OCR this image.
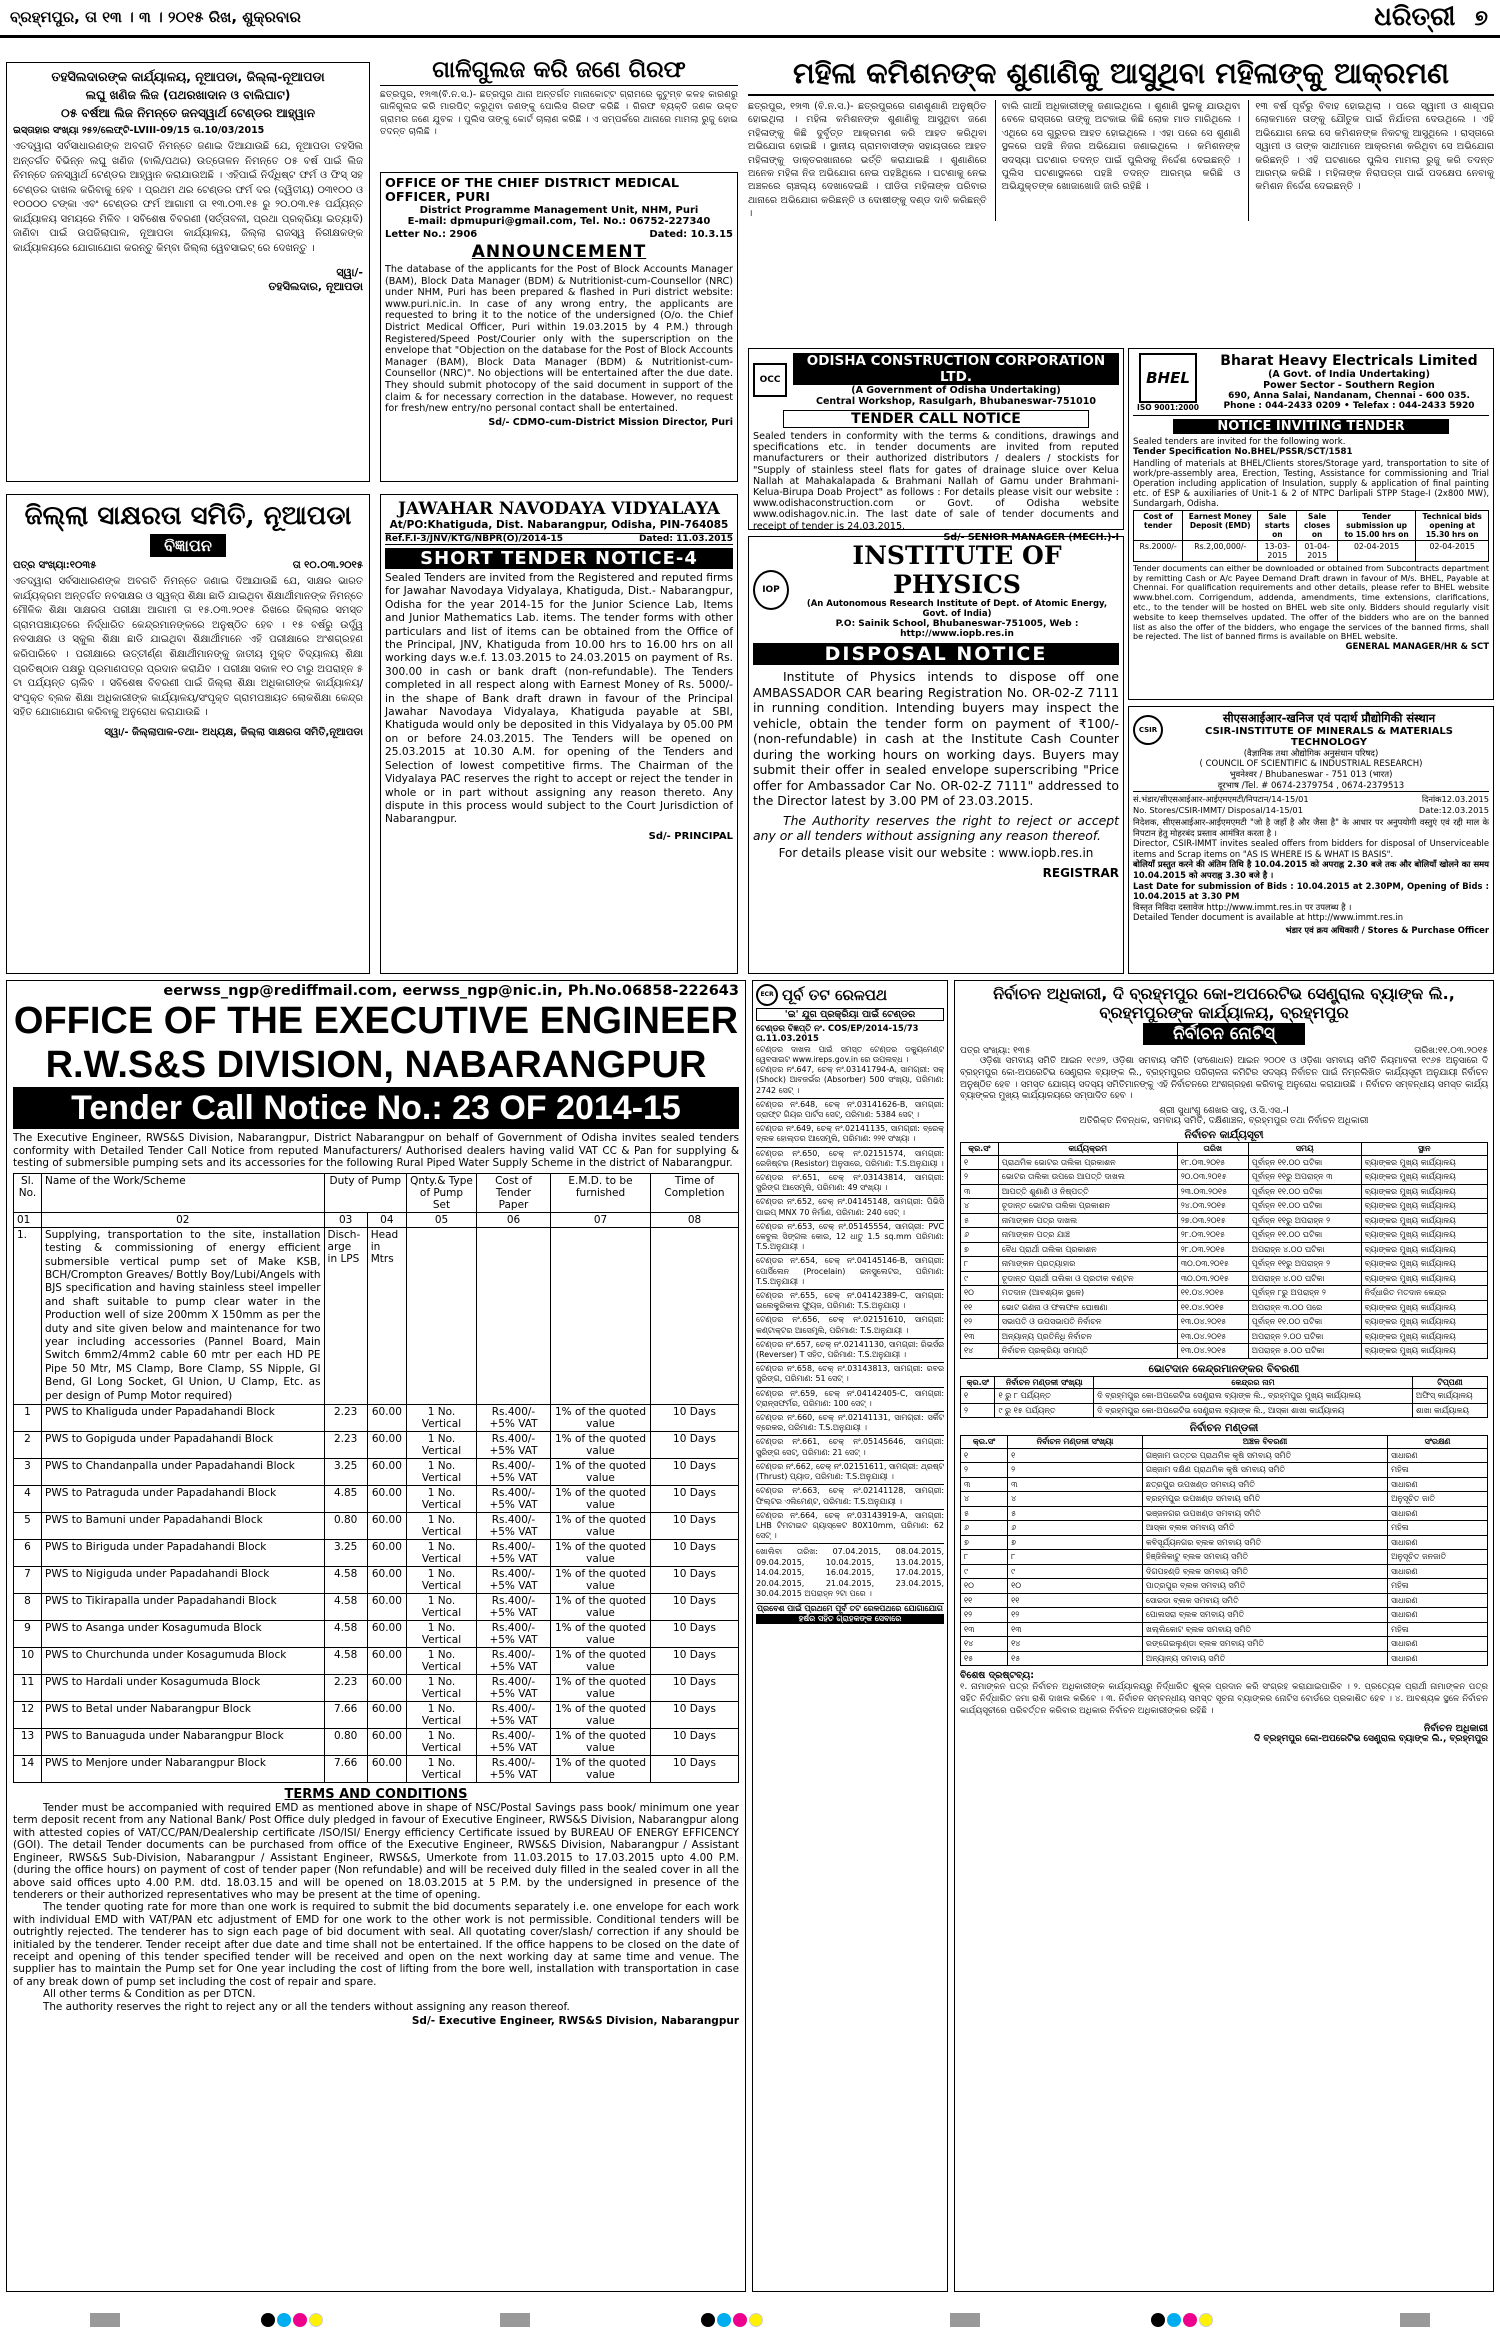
ବ୍ରହ୍ମପୁର, ତା ୧୩ । ୩ । ୨୦୧୫ ରିଖ, ଶୁକ୍ରବାର	ଧରିତ୍ରୀ ୭
ତହସିଲଦାରଙ୍କ କାର୍ଯ୍ୟାଳୟ, ନୂଆପଡା, ଜିଲ୍ଲା-ନୂଆପଡା
ଲଘୁ ଖଣିଜ ଲିଜ (ପଥରଖାଦାନ ଓ ବାଲିଘାଟ)
୦୫ ବର୍ଷଆ ଲିଜ ନିମନ୍ତେ ଜନସ୍ୱାର୍ଥ ଟେଣ୍ଡର ଆହ୍ୱାନ
ଇସ୍ତାହାର ସଂଖ୍ୟା ୨୫୨/ଲେଫ୍ଟି-LVIII-09/15 ତା.10/03/2015
ଏତଦ୍ୱାରା ସର୍ବସାଧାରଣଙ୍କ ଅବଗତି ନିମନ୍ତେ ଜଣାଇ ଦିଆଯାଉଛି ଯେ, ନୂଆପଡା ତହସିଲ ଅନ୍ତର୍ଗତ ବିଭିନ୍ନ ଲଘୁ ଖଣିଜ (ବାଲି/ପଥର) ଉତ୍ତୋଳନ ନିମନ୍ତେ ୦୫ ବର୍ଷ ପାଇଁ ଲିଜ ନିମନ୍ତେ ଜନସ୍ୱାର୍ଥ ଟେଣ୍ଡର ଆହ୍ୱାନ କରାଯାଉଅଛି । ଏହିପାଇଁ ନିର୍ଦ୍ଧିଷ୍ଟ ଫର୍ମ ଓ ଫିସ୍ ସହ ଟେଣ୍ଡର ଦାଖଲ କରିବାକୁ ହେବ । ପ୍ରଥମ ଥର ଟେଣ୍ଡର ଫର୍ମ ଦର (ଦ୍ୱିତୀୟ) ୦୩୧୦୦ ଓ ୧୦୦୦୦ ଟଙ୍କା ଏବଂ ଟେଣ୍ଡର ଫର୍ମ ଆଗାମୀ ତା ୧୩.୦୩.୧୫ ରୁ ୨୦.୦୩.୧୫ ପର୍ଯ୍ୟନ୍ତ କାର୍ଯ୍ୟାଳୟ ସମୟରେ ମିଳିବ । ସବିଶେଷ ବିବରଣୀ (ସର୍ତ୍ତାବଳୀ, ପ୍ରଥା ପ୍ରକ୍ରିୟା ଇତ୍ୟାଦି) ଜାଣିବା ପାଇଁ ଉପଜିଲାପାଳ, ନୂଆପଡା କାର୍ଯ୍ୟାଳୟ, ଜିଲ୍ଲା ରାଜସ୍ୱ ନିରୀକ୍ଷକଙ୍କ କାର୍ଯ୍ୟାଳୟରେ ଯୋଗାଯୋଗ କରନ୍ତୁ କିମ୍ବା ଜିଲ୍ଲା ୱେବସାଇଟ୍ ରେ ଦେଖନ୍ତୁ ।
ସ୍ୱା/-
ତହସିଲଦାର, ନୂଆପଡା
ଜିଲ୍ଲା ସାକ୍ଷରତା ସମିତି, ନୂଆପଡା
ବିଜ୍ଞାପନ
ପତ୍ର ସଂଖ୍ୟା:୧୦୩୫	ତା ୧୦.୦୩.୨୦୧୫
ଏତଦ୍ୱାରା ସର୍ବସାଧାରଣଙ୍କ ଅବଗତି ନିମନ୍ତେ ଜଣାଇ ଦିଆଯାଉଛି ଯେ, ସାକ୍ଷର ଭାରତ କାର୍ଯ୍ୟକ୍ରମ ଅନ୍ତର୍ଗତ ନବସାକ୍ଷର ଓ ସ୍ୱଳ୍ପ ଶିକ୍ଷା ଛାଡି ଯାଇଥିବା ଶିକ୍ଷାର୍ଥୀମାନଙ୍କ ନିମନ୍ତେ ମୌଳିକ ଶିକ୍ଷା ସାକ୍ଷରତା ପରୀକ୍ଷା ଆଗାମୀ ତା ୧୫.୦୩.୨୦୧୫ ରିଖରେ ଜିଲ୍ଲାର ସମସ୍ତ ଗ୍ରାମପଞ୍ଚାୟତରେ ନିର୍ଦ୍ଧାରିତ କେନ୍ଦ୍ରମାନଙ୍କରେ ଅନୁଷ୍ଠିତ ହେବ । ୧୫ ବର୍ଷରୁ ଉର୍ଦ୍ଧ୍ୱ ନବସାକ୍ଷର ଓ ସ୍କୁଲ ଶିକ୍ଷା ଛାଡି ଯାଇଥିବା ଶିକ୍ଷାର୍ଥୀମାନେ ଏହି ପରୀକ୍ଷାରେ ଅଂଶଗ୍ରହଣ କରିପାରିବେ । ପରୀକ୍ଷାରେ ଉତ୍ତୀର୍ଣ୍ଣ ଶିକ୍ଷାର୍ଥୀମାନଙ୍କୁ ଜାତୀୟ ମୁକ୍ତ ବିଦ୍ୟାଳୟ ଶିକ୍ଷା ପ୍ରତିଷ୍ଠାନ ପକ୍ଷରୁ ପ୍ରମାଣପତ୍ର ପ୍ରଦାନ କରାଯିବ । ପରୀକ୍ଷା ସକାଳ ୧୦ ଟାରୁ ଅପରାହ୍ନ ୫ ଟା ପର୍ଯ୍ୟନ୍ତ ଚାଲିବ । ସବିଶେଷ ବିବରଣୀ ପାଇଁ ଜିଲ୍ଲା ଶିକ୍ଷା ଅଧିକାରୀଙ୍କ କାର୍ଯ୍ୟାଳୟ/ସଂପୃକ୍ତ ବ୍ଲକ ଶିକ୍ଷା ଅଧିକାରୀଙ୍କ କାର୍ଯ୍ୟାଳୟ/ସଂପୃକ୍ତ ଗ୍ରାମପଞ୍ଚାୟତ ଲୋକଶିକ୍ଷା କେନ୍ଦ୍ର ସହିତ ଯୋଗାଯୋଗ କରିବାକୁ ଅନୁରୋଧ କରାଯାଉଛି ।
ସ୍ୱା/- ଜିଲ୍ଲାପାଳ-ତଥା- ଅଧ୍ୟକ୍ଷ, ଜିଲ୍ଲା ସାକ୍ଷରତା ସମିତି,ନୂଆପଡା
ଗାଳିଗୁଲଜ କରି ଜଣେ ଗିରଫ
ଛତ୍ରପୁର, ୧୨ା୩(ବି.ନ.ସ.)- ଛତ୍ରପୁର ଥାନା ଅନ୍ତର୍ଗତ ମାନାକୋଟ୍ଟ ଗ୍ରାମରେ କୁଟୁମ୍ବ କଳହ କାରଣରୁ ଗାଳିଗୁଲଜ କରି ମାରପିଟ୍ କରୁଥିବା ଜଣଙ୍କୁ ପୋଲିସ ଗିରଫ କରିଛି । ଗିରଫ ବ୍ୟକ୍ତି ଜଣକ ଉକ୍ତ ଗ୍ରାମର ଜଣେ ଯୁବକ । ପୁଲିସ ତାଙ୍କୁ କୋର୍ଟ ଚାଲାଣ କରିଛି । ଏ ସମ୍ପର୍କରେ ଥାନାରେ ମାମଲା ରୁଜୁ ହୋଇ ତଦନ୍ତ ଚାଲିଛି ।
OFFICE OF THE CHIEF DISTRICT MEDICAL OFFICER, PURI
District Programme Management Unit, NHM, Puri
E-mail: dpmupuri@gmail.com, Tel. No.: 06752-227340
Letter No.: 2906	Dated: 10.3.15
ANNOUNCEMENT
The database of the applicants for the Post of Block Accounts Manager (BAM), Block Data Manager (BDM) & Nutritionist-cum-Counsellor (NRC) under NHM, Puri has been prepared & flashed in Puri district website: www.puri.nic.in. In case of any wrong entry, the applicants are requested to bring it to the notice of the undersigned (O/o. the Chief District Medical Officer, Puri within 19.03.2015 by 4 P.M.) through Registered/Speed Post/Courier only with the superscription on the envelope that "Objection on the database for the Post of Block Accounts Manager (BAM), Block Data Manager (BDM) & Nutritionist-cum-Counsellor (NRC)". No objections will be entertained after the due date. They should submit photocopy of the said document in support of the claim & for necessary correction in the database. However, no request for fresh/new entry/no personal contact shall be entertained.
Sd/- CDMO-cum-District Mission Director, Puri
JAWAHAR NAVODAYA VIDYALAYA
At/PO:Khatiguda, Dist. Nabarangpur, Odisha, PIN-764085
Ref.F.I-3/JNV/KTG/NBPR(O)/2014-15	Dated: 11.03.2015
SHORT TENDER NOTICE-4
Sealed Tenders are invited from the Registered and reputed firms for Jawahar Navodaya Vidyalaya, Khatiguda, Dist.- Nabarangpur, Odisha for the year 2014-15 for the Junior Science Lab, Items and Junior Mathematics Lab. items. The tender forms with other particulars and list of items can be obtained from the Office of the Principal, JNV, Khatiguda from 10.00 hrs to 16.00 hrs on all working days w.e.f. 13.03.2015 to 24.03.2015 on payment of Rs. 300.00 in cash or bank draft (non-refundable). The Tenders completed in all respect along with Earnest Money of Rs. 5000/- in the shape of Bank draft drawn in favour of the Principal Jawahar Navodaya Vidyalaya, Khatiguda payable at SBI, Khatiguda would only be deposited in this Vidyalaya by 05.00 PM on or before 24.03.2015. The Tenders will be opened on 25.03.2015 at 10.30 A.M. for opening of the Tenders and Selection of lowest competitive firms. The Chairman of the Vidyalaya PAC reserves the right to accept or reject the tender in whole or in part without assigning any reason thereto. Any dispute in this process would subject to the Court Jurisdiction of Nabarangpur.
Sd/- PRINCIPAL
ମହିଳା କମିଶନଙ୍କ ଶୁଣାଣିକୁ ଆସୁଥିବା ମହିଳାଙ୍କୁ ଆକ୍ରମଣ
ଛତ୍ରପୁର, ୧୨ା୩ (ବି.ନ.ସ.)- ଛତ୍ରପୁରରେ ଗଣଶୁଣାଣି ଅନୁଷ୍ଠିତ ହୋଇଥିଲା । ମହିଳା କମିଶନଙ୍କ ଶୁଣାଣିକୁ ଆସୁଥିବା ଜଣେ ମହିଳାଙ୍କୁ କିଛି ଦୁର୍ବୃତ୍ତ ଆକ୍ରମଣ କରି ଆହତ କରିଥିବା ଅଭିଯୋଗ ହୋଇଛି । ସ୍ଥାନୀୟ ଗ୍ରାମବାସୀଙ୍କ ସହାୟତାରେ ଆହତ ମହିଳାଙ୍କୁ ଡାକ୍ତରଖାନାରେ ଭର୍ତ୍ତି କରାଯାଇଛି । ଶୁଣାଣିରେ ଅନେକ ମହିଳା ନିଜ ଅଭିଯୋଗ ନେଇ ପହଞ୍ଚିଥିଲେ । ଘଟଣାକୁ ନେଇ ଅଞ୍ଚଳରେ ଚାଞ୍ଚଲ୍ୟ ଦେଖାଦେଇଛି । ପୀଡିତା ମହିଳାଙ୍କ ପରିବାର ଥାନାରେ ଅଭିଯୋଗ କରିଛନ୍ତି ଓ ଦୋଷୀଙ୍କୁ ଦଣ୍ଡ ଦାବି କରିଛନ୍ତି ।
ବାଲି ଗାଆଁ ଅଧିକାରୀଙ୍କୁ ଜଣାଇଥିଲେ । ଶୁଣାଣି ସ୍ଥଳକୁ ଯାଉଥିବା ବେଳେ ରାସ୍ତାରେ ତାଙ୍କୁ ଅଟକାଇ କିଛି ଲୋକ ମାଡ ମାରିଥିଲେ । ଏଥିରେ ସେ ଗୁରୁତର ଆହତ ହୋଇଥିଲେ । ଏହା ପରେ ସେ ଶୁଣାଣି ସ୍ଥଳରେ ପହଞ୍ଚି ନିଜର ଅଭିଯୋଗ ଜଣାଇଥିଲେ । କମିଶନଙ୍କ ସଦସ୍ୟା ଘଟଣାର ତଦନ୍ତ ପାଇଁ ପୁଲିସକୁ ନିର୍ଦ୍ଦେଶ ଦେଇଛନ୍ତି । ପୁଲିସ ଘଟଣାସ୍ଥଳରେ ପହଞ୍ଚି ତଦନ୍ତ ଆରମ୍ଭ କରିଛି ଓ ଅଭିଯୁକ୍ତଙ୍କ ଖୋଜାଖୋଜି ଜାରି ରହିଛି ।
୧୩ ବର୍ଷ ପୂର୍ବରୁ ବିବାହ ହୋଇଥିଲା । ପରେ ସ୍ୱାମୀ ଓ ଶାଶୂଘର ଲୋକମାନେ ତାଙ୍କୁ ଯୌତୁକ ପାଇଁ ନିର୍ଯାତନା ଦେଉଥିଲେ । ଏହି ଅଭିଯୋଗ ନେଇ ସେ କମିଶନଙ୍କ ନିକଟକୁ ଆସୁଥିଲେ । ରାସ୍ତାରେ ସ୍ୱାମୀ ଓ ତାଙ୍କ ସାଥୀମାନେ ଆକ୍ରମଣ କରିଥିବା ସେ ଅଭିଯୋଗ କରିଛନ୍ତି । ଏହି ଘଟଣାରେ ପୁଲିସ ମାମଲା ରୁଜୁ କରି ତଦନ୍ତ ଆରମ୍ଭ କରିଛି । ମହିଳାଙ୍କ ନିରାପତ୍ତା ପାଇଁ ପଦକ୍ଷେପ ନେବାକୁ କମିଶନ ନିର୍ଦ୍ଦେଶ ଦେଇଛନ୍ତି ।
OCC
ODISHA CONSTRUCTION CORPORATION LTD.
(A Government of Odisha Undertaking)
Central Workshop, Rasulgarh, Bhubaneswar-751010
TENDER CALL NOTICE
Sealed tenders in conformity with the terms & conditions, drawings and specifications etc. in tender documents are invited from reputed manufacturers or their authorized distributors / dealers / stockists for "Supply of stainless steel flats for gates of drainage sluice over Kelua Nallah at Mahakalapada & Brahmani Nallah of Gamu under Brahmani-Kelua-Birupa Doab Project" as follows : For details please visit our website : www.odishaconstruction.com or Govt. of Odisha website www.odishagov.nic.in. The last date of sale of tender documents and receipt of tender is 24.03.2015.
Sd/- SENIOR MANAGER (MECH.)-I
IOP
INSTITUTE OF PHYSICS
(An Autonomous Research Institute of Dept. of Atomic Energy, Govt. of India)
P.O: Sainik School, Bhubaneswar-751005, Web : http://www.iopb.res.in
DISPOSAL NOTICE
Institute of Physics intends to dispose off one AMBASSADOR CAR bearing Registration No. OR-02-Z 7111 in running condition. Intending buyers may inspect the vehicle, obtain the tender form on payment of ₹100/- (non-refundable) in cash at the Institute Cash Counter during the working hours on working days. Buyers may submit their offer in sealed envelope superscribing "Price offer for Ambassador Car No. OR-02-Z 7111" addressed to the Director latest by 3.00 PM of 23.03.2015.
The Authority reserves the right to reject or accept any or all tenders without assigning any reason thereof.
For details please visit our website : www.iopb.res.in
REGISTRAR
BHEL
ISO 9001:2000
Bharat Heavy Electricals Limited
(A Govt. of India Undertaking)
Power Sector - Southern Region
690, Anna Salai, Nandanam, Chennai - 600 035.
Phone : 044-2433 0209 • Telefax : 044-2433 5920
NOTICE INVITING TENDER
Sealed tenders are invited for the following work.
Tender Specification No.BHEL/PSSR/SCT/1581
Handling of materials at BHEL/Clients stores/Storage yard, transportation to site of work/pre-assembly area, Erection, Testing, Assistance for commissioning and Trial Operation including application of Insulation, supply & application of final painting etc. of ESP & auxiliaries of Unit-1 & 2 of NTPC Darlipali STPP Stage-I (2x800 MW), Sundargarh, Odisha.
Cost of tender	Earnest Money Deposit (EMD)	Sale starts on	Sale closes on	Tender submission up to 15.00 hrs on	Technical bids opening at 15.30 hrs on
Rs.2000/-	Rs.2,00,000/-	13-03-2015	01-04-2015	02-04-2015	02-04-2015
Tender documents can either be downloaded or obtained from Subcontracts department by remitting Cash or A/c Payee Demand Draft drawn in favour of M/s. BHEL, Payable at Chennai. For qualification requirements and other details, please refer to BHEL website www.bhel.com. Corrigendum, addenda, amendments, time extensions, clarifications, etc., to the tender will be hosted on BHEL web site only. Bidders should regularly visit website to keep themselves updated. The offer of the bidders who are on the banned list as also the offer of the bidders, who engage the services of the banned firms, shall be rejected. The list of banned firms is available on BHEL website.
GENERAL MANAGER/HR & SCT
CSIR
सीएसआईआर-खनिज एवं पदार्थ प्रौद्योगिकी संस्थान
CSIR-INSTITUTE OF MINERALS & MATERIALS TECHNOLOGY
(वैज्ञानिक तथा औद्योगिक अनुसंधान परिषद)
( COUNCIL OF SCIENTIFIC & INDUSTRIAL RESEARCH)
भुवनेश्वर / Bhubaneswar - 751 013 (भारत)
दूरभाष /Tel. # 0674-2379754 , 0674-2379513
सं.भंडार/सीएसआईआर-आईएमएमटी/निपटान/14-15/01	दिनांक12.03.2015
No. Stores/CSIR-IMMT/ Disposal/14-15/01	Date:12.03.2015
निदेशक, सीएसआईआर-आईएमएमटी "जो है जहाँ है और जैसा है" के आधार पर अनुपयोगी वस्तुएं एवं रद्दी माल के निपटान हेतु मोहरबंद प्रस्ताव आमंत्रित करता है ।
Director, CSIR-IMMT invites sealed offers from bidders for disposal of Unserviceable items and Scrap items on "AS IS WHERE IS & WHAT IS BASIS".
बोलियाँ प्रस्तुत करने की अंतिम तिथि है 10.04.2015 को अपराह्न 2.30 बजे तक और बोलियाँ खोलने का समय 10.04.2015 को अपराह्न 3.30 बजे है ।
Last Date for submission of Bids : 10.04.2015 at 2.30PM, Opening of Bids : 10.04.2015 at 3.30 PM
विस्तृत निविदा दस्तावेज http://www.immt.res.in पर उपलब्ध है ।
Detailed Tender document is available at http://www.immt.res.in
भंडार एवं क्रय अधिकारी / Stores & Purchase Officer
eerwss_ngp@rediffmail.com, eerwss_ngp@nic.in, Ph.No.06858-222643
OFFICE OF THE EXECUTIVE ENGINEER
R.W.S&S DIVISION, NABARANGPUR
Tender Call Notice No.: 23 OF 2014-15
The Executive Engineer, RWS&S Division, Nabarangpur, District Nabarangpur on behalf of Government of Odisha invites sealed tenders conformity with Detailed Tender Call Notice from reputed Manufacturers/ Authorised dealers having valid VAT CC & Pan for supplying & testing of submersible pumping sets and its accessories for the following Rural Piped Water Supply Scheme in the district of Nabarangpur.
Sl. No.	Name of the Work/Scheme	Duty of Pump		Qnty.& Type of Pump Set	Cost of Tender Paper	E.M.D. to be furnished	Time of Completion
01	02	03	04	05	06	07	08
1.	Supplying, transportation to the site, installation testing & commissioning of energy efficient submersible vertical pump set of Make KSB, BCH/Crompton Greaves/ Bottly Boy/Lubi/Angels with BJS specification and having stainless steel impeller and shaft suitable to pump clear water in the Production well of size 200mm X 150mm as per the duty and site given below and maintenance for two year including accessories (Pannel Board, Main Switch 6mm2/4mm2 cable 60 mtr per each HD PE Pipe 50 Mtr, MS Clamp, Bore Clamp, SS Nipple, GI Bend, GI Long Socket, GI Union, U Clamp, Etc. as per design of Pump Motor required)	Disch-arge in LPS	Head in Mtrs				
1	PWS to Khaliguda under Papadahandi Block	2.23	60.00	1 No. Vertical	Rs.400/- +5% VAT	1% of the quoted value	10 Days
2	PWS to Gopiguda under Papadahandi Block	2.23	60.00	1 No. Vertical	Rs.400/- +5% VAT	1% of the quoted value	10 Days
3	PWS to Chandanpalla under Papadahandi Block	3.25	60.00	1 No. Vertical	Rs.400/- +5% VAT	1% of the quoted value	10 Days
4	PWS to Patraguda under Papadahandi Block	4.85	60.00	1 No. Vertical	Rs.400/- +5% VAT	1% of the quoted value	10 Days
5	PWS to Bamuni under Papadahandi Block	0.80	60.00	1 No. Vertical	Rs.400/- +5% VAT	1% of the quoted value	10 Days
6	PWS to Biriguda under Papadahandi Block	3.25	60.00	1 No. Vertical	Rs.400/- +5% VAT	1% of the quoted value	10 Days
7	PWS to Nigiguda under Papadahandi Block	4.58	60.00	1 No. Vertical	Rs.400/- +5% VAT	1% of the quoted value	10 Days
8	PWS to Tikirapalla under Papadahandi Block	4.58	60.00	1 No. Vertical	Rs.400/- +5% VAT	1% of the quoted value	10 Days
9	PWS to Asanga under Kosagumuda Block	4.58	60.00	1 No. Vertical	Rs.400/- +5% VAT	1% of the quoted value	10 Days
10	PWS to Churchunda under Kosagumuda Block	4.58	60.00	1 No. Vertical	Rs.400/- +5% VAT	1% of the quoted value	10 Days
11	PWS to Hardali under Kosagumuda Block	2.23	60.00	1 No. Vertical	Rs.400/- +5% VAT	1% of the quoted value	10 Days
12	PWS to Betal under Nabarangpur Block	7.66	60.00	1 No. Vertical	Rs.400/- +5% VAT	1% of the quoted value	10 Days
13	PWS to Banuaguda under Nabarangpur Block	0.80	60.00	1 No. Vertical	Rs.400/- +5% VAT	1% of the quoted value	10 Days
14	PWS to Menjore under Nabarangpur Block	7.66	60.00	1 No. Vertical	Rs.400/- +5% VAT	1% of the quoted value	10 Days
TERMS AND CONDITIONS
Tender must be accompanied with required EMD as mentioned above in shape of NSC/Postal Savings pass book/ minimum one year term deposit recent from any National Bank/ Post Office duly pledged in favour of Executive Engineer, RWS&S Division, Nabarangpur along with attested copies of VAT/CC/PAN/Dealership certificate /ISO/ISI/ Energy efficiency Certificate issued by BUREAU OF ENERGY EFFICENCY (GOI). The detail Tender documents can be purchased from office of the Executive Engineer, RWS&S Division, Nabarangpur / Assistant Engineer, RWS&S Sub-Division, Nabarangpur / Assistant Engineer, RWS&S, Umerkote from 11.03.2015 to 17.03.2015 upto 4.00 P.M. (during the office hours) on payment of cost of tender paper (Non refundable) and will be received duly filled in the sealed cover in all the above said offices upto 4.00 P.M. dtd. 18.03.15 and will be opened on 18.03.2015 at 5 P.M. by the undersigned in presence of the tenderers or their authorized representatives who may be present at the time of opening.
The tender quoting rate for more than one work is required to submit the bid documents separately i.e. one envelope for each work with individual EMD with VAT/PAN etc adjustment of EMD for one work to the other work is not permissible. Conditional tenders will be outrightly rejected. The tenderer has to sign each page of bid document with seal. All quotating cover/slash/ correction if any should be initialed by the tenderer. Tender receipt after due date and time shall not be entertained. If the office happens to be closed on the date of receipt and opening of this tender specified tender will be received and open on the next working day at same time and venue. The supplier has to maintain the Pump set for One year including the cost of lifting from the bore well, installation with transportation in case of any break down of pump set including the cost of repair and spare.
All other terms & Condition as per DTCN.
The authority reserves the right to reject any or all the tenders without assigning any reason thereof.
Sd/- Executive Engineer, RWS&S Division, Nabarangpur
ECR ପୂର୍ବ ତଟ ରେଳପଥ
'ଇ' ଯୁଗ ପ୍ରକ୍ରିୟା ପାଇଁ ଟେଣ୍ଡର
ଟେଣ୍ଡର ବିଜ୍ଞପ୍ତି ନଂ. COS/EP/2014-15/73 ତା.11.03.2015
ଟେଣ୍ଡର ଦାଖଲ ପାଇଁ ସମସ୍ତ ଟେଣ୍ଡର ଡକ୍ୟୁମେଣ୍ଟ ୱେବସାଇଟ www.ireps.gov.in ରେ ଉପଲବ୍ଧ ।
ଟେଣ୍ଡର ନଂ.647, ଚେକ୍ ନଂ.03141794-A, ସାମଗ୍ରୀ: ସକ୍ (Shock) ଆବଜର୍ଭର (Absorber) 500 ସଂଖ୍ୟା, ପରିମାଣ: 2742 ସେଟ୍ ।
ଟେଣ୍ଡର ନଂ.648, ଚେକ୍ ନଂ.03141626-B, ସାମଗ୍ରୀ: ଡ୍ରାଫ୍ଟ ଗିୟର ପାର୍ଟସ ସେଟ୍, ପରିମାଣ: 5384 ସେଟ୍ ।
ଟେଣ୍ଡର ନଂ.649, ଚେକ୍ ନଂ.02141135, ସାମଗ୍ରୀ: ବ୍ରେକ୍ ବ୍ଲକ ହୋଲ୍ଡର ଆସେମ୍ବ୍ଲି, ପରିମାଣ: ୨୨୧ ସଂଖ୍ୟା ।
ଟେଣ୍ଡର ନଂ.650, ଚେକ୍ ନଂ.02151574, ସାମଗ୍ରୀ: ରେଜିଷ୍ଟର (Resistor) ଅନୁସାରେ, ପରିମାଣ: T.S.ଅନୁଯାୟୀ ।
ଟେଣ୍ଡର ନଂ.651, ଚେକ୍ ନଂ.03143814, ସାମଗ୍ରୀ: ସ୍ପ୍ରିଙ୍ଗ ଆସେମ୍ବ୍ଲି, ପରିମାଣ: 49 ସଂଖ୍ୟା ।
ଟେଣ୍ଡର ନଂ.652, ଚେକ୍ ନଂ.04145148, ସାମଗ୍ରୀ: ପିଭିସି ପାଇପ୍ MNX 70 ନିର୍ମାଣ, ପରିମାଣ: 240 ସେଟ୍ ।
ଟେଣ୍ଡର ନଂ.653, ଚେକ୍ ନଂ.05145554, ସାମଗ୍ରୀ: PVC କେବୁଲ ସିଙ୍ଗଲ କୋର, 12 ଧାତୁ 1.5 sq.mm ପରିମାଣ: T.S.ଅନୁଯାୟୀ ।
ଟେଣ୍ଡର ନଂ.654, ଚେକ୍ ନଂ.04145146-B, ସାମଗ୍ରୀ: ପୋର୍ସିଲେନ (Procelain) ଇନସୁଲେଟର, ପରିମାଣ: T.S.ଅନୁଯାୟୀ ।
ଟେଣ୍ଡର ନଂ.655, ଚେକ୍ ନଂ.04142389-C, ସାମଗ୍ରୀ: ଇଲେକ୍ଟ୍ରିକାଲ ଫ୍ୟୁଜ, ପରିମାଣ: T.S.ଅନୁଯାୟୀ ।
ଟେଣ୍ଡର ନଂ.656, ଚେକ୍ ନଂ.02151610, ସାମଗ୍ରୀ: କଣ୍ଟାକ୍ଟର ଆସେମ୍ବ୍ଲି, ପରିମାଣ: T.S.ଅନୁଯାୟୀ ।
ଟେଣ୍ଡର ନଂ.657, ଚେକ୍ ନଂ.02141130, ସାମଗ୍ରୀ: ରିଭର୍ସର (Reverser) T ସହିତ, ପରିମାଣ: T.S.ଅନୁଯାୟୀ ।
ଟେଣ୍ଡର ନଂ.658, ଚେକ୍ ନଂ.03143813, ସାମଗ୍ରୀ: ରବର ସ୍ପ୍ରିଙ୍ଗ, ପରିମାଣ: 51 ସେଟ୍ ।
ଟେଣ୍ଡର ନଂ.659, ଚେକ୍ ନଂ.04142405-C, ସାମଗ୍ରୀ: ଟ୍ରାନ୍ସଫର୍ମର, ପରିମାଣ: 100 ସେଟ୍ ।
ଟେଣ୍ଡର ନଂ.660, ଚେକ୍ ନଂ.02141131, ସାମଗ୍ରୀ: ସର୍କିଟ ବ୍ରେକର, ପରିମାଣ: T.S.ଅନୁଯାୟୀ ।
ଟେଣ୍ଡର ନଂ.661, ଚେକ୍ ନଂ.05145646, ସାମଗ୍ରୀ: ସ୍ପ୍ରିଙ୍ଗ ସେଟ୍, ପରିମାଣ: 21 ସେଟ୍ ।
ଟେଣ୍ଡର ନଂ.662, ଚେକ୍ ନଂ.02151611, ସାମଗ୍ରୀ: ଥ୍ରଷ୍ଟ (Thrust) ପ୍ୟାଡ, ପରିମାଣ: T.S.ଅନୁଯାୟୀ ।
ଟେଣ୍ଡର ନଂ.663, ଚେକ୍ ନଂ.02141128, ସାମଗ୍ରୀ: ଫିଲ୍ଟର ଏଲିମେଣ୍ଟ, ପରିମାଣ: T.S.ଅନୁଯାୟୀ ।
ଟେଣ୍ଡର ନଂ.664, ଚେକ୍ ନଂ.03143919-A, ସାମଗ୍ରୀ: LHB ଟିମଟାଇଟ ଗ୍ୟାସ୍କେଟ 80X10mm, ପରିମାଣ: 62 ସେଟ୍ ।
ଖୋଲିବା ତାରିଖ: 07.04.2015, 08.04.2015, 09.04.2015, 10.04.2015, 13.04.2015, 14.04.2015, 16.04.2015, 17.04.2015, 20.04.2015, 21.04.2015, 23.04.2015, 30.04.2015 ଅପରାହ୍ନ ୨ଟା ପରେ ।
ପ୍ରବେଶ ପାଇଁ ପ୍ରଥମେ ପୂର୍ବ ତଟ ରେଳପଥରେ ଯୋଗାଯୋଗ
ହର୍ଷର ସହିତ ଗ୍ରାହକଙ୍କ ସେବାରେ
ନିର୍ବାଚନ ଅଧିକାରୀ, ଦି ବ୍ରହ୍ମପୁର କୋ-ଅପରେଟିଭ ସେଣ୍ଟ୍ରାଲ ବ୍ୟାଙ୍କ ଲି.,
ବ୍ରହ୍ମପୁରଙ୍କ କାର୍ଯ୍ୟାଳୟ, ବ୍ରହ୍ମପୁର
ନିର୍ବାଚନ ନୋଟିସ୍
ପତ୍ର ସଂଖ୍ୟା: ୧୩୫	ତାରିଖ:୧୧.୦୩.୨୦୧୫
ଓଡ଼ିଶା ସମବାୟ ସମିତି ଆଇନ ୧୯୬୨, ଓଡ଼ିଶା ସମବାୟ ସମିତି (ସଂଶୋଧନ) ଆଇନ ୨୦୦୧ ଓ ଓଡ଼ିଶା ସମବାୟ ସମିତି ନିୟମାବଳୀ ୧୯୬୫ ଅନୁସାରେ ଦି ବ୍ରହ୍ମପୁର କୋ-ଅପରେଟିଭ ସେଣ୍ଟ୍ରାଲ ବ୍ୟାଙ୍କ ଲି., ବ୍ରହ୍ମପୁରର ପରିଚାଳନା କମିଟିର ସଦସ୍ୟ ନିର୍ବାଚନ ପାଇଁ ନିମ୍ନଲିଖିତ କାର୍ଯ୍ୟସୂଚୀ ଅନୁଯାୟୀ ନିର୍ବାଚନ ଅନୁଷ୍ଠିତ ହେବ । ସମସ୍ତ ଯୋଗ୍ୟ ସଦସ୍ୟ ସମିତିମାନଙ୍କୁ ଏହି ନିର୍ବାଚନରେ ଅଂଶଗ୍ରହଣ କରିବାକୁ ଅନୁରୋଧ କରାଯାଉଛି । ନିର୍ବାଚନ ସମ୍ବନ୍ଧୀୟ ସମସ୍ତ କାର୍ଯ୍ୟ ବ୍ୟାଙ୍କର ମୁଖ୍ୟ କାର୍ଯ୍ୟାଳୟରେ ସମ୍ପାଦିତ ହେବ ।
ଶ୍ରୀ ସୁଧାଂଶୁ ଶେଖର ସାହୁ, ଓ.ସି.ଏସ.-I
ଅତିରିକ୍ତ ନିବନ୍ଧକ, ସମବାୟ ସମିତି, ଦକ୍ଷିଣାଞ୍ଚଳ, ବ୍ରହ୍ମପୁର ତଥା ନିର୍ବାଚନ ଅଧିକାରୀ
ନିର୍ବାଚନ କାର୍ଯ୍ୟସୂଚୀ
କ୍ର.ସଂ	କାର୍ଯ୍ୟକ୍ରମ	ତାରିଖ	ସମୟ	ସ୍ଥାନ
୧	ପ୍ରାଥମିକ ଭୋଟର ତାଲିକା ପ୍ରକାଶନ	୧୮.୦୩.୨୦୧୫	ପୂର୍ବାହ୍ନ ୧୧.୦୦ ଘଟିକା	ବ୍ୟାଙ୍କର ମୁଖ୍ୟ କାର୍ଯ୍ୟାଳୟ
୨	ଭୋଟର ତାଲିକା ଉପରେ ଆପତ୍ତି ଦାଖଲ	୨୦.୦୩.୨୦୧୫	ପୂର୍ବାହ୍ନ ୧୧ରୁ ଅପରାହ୍ନ ୩	ବ୍ୟାଙ୍କର ମୁଖ୍ୟ କାର୍ଯ୍ୟାଳୟ
୩	ଆପତ୍ତି ଶୁଣାଣି ଓ ନିଷ୍ପତ୍ତି	୨୩.୦୩.୨୦୧୫	ପୂର୍ବାହ୍ନ ୧୧.୦୦ ଘଟିକା	ବ୍ୟାଙ୍କର ମୁଖ୍ୟ କାର୍ଯ୍ୟାଳୟ
୪	ଚୂଡାନ୍ତ ଭୋଟର ତାଲିକା ପ୍ରକାଶନ	୨୪.୦୩.୨୦୧୫	ପୂର୍ବାହ୍ନ ୧୧.୦୦ ଘଟିକା	ବ୍ୟାଙ୍କର ମୁଖ୍ୟ କାର୍ଯ୍ୟାଳୟ
୫	ନାମାଙ୍କନ ପତ୍ର ଦାଖଲ	୨୭.୦୩.୨୦୧୫	ପୂର୍ବାହ୍ନ ୧୧ରୁ ଅପରାହ୍ନ ୨	ବ୍ୟାଙ୍କର ମୁଖ୍ୟ କାର୍ଯ୍ୟାଳୟ
୬	ନାମାଙ୍କନ ପତ୍ର ଯାଞ୍ଚ	୨୮.୦୩.୨୦୧୫	ପୂର୍ବାହ୍ନ ୧୧.୦୦ ଘଟିକା	ବ୍ୟାଙ୍କର ମୁଖ୍ୟ କାର୍ଯ୍ୟାଳୟ
୭	ବୈଧ ପ୍ରାର୍ଥୀ ତାଲିକା ପ୍ରକାଶନ	୨୮.୦୩.୨୦୧୫	ଅପରାହ୍ନ ୪.୦୦ ଘଟିକା	ବ୍ୟାଙ୍କର ମୁଖ୍ୟ କାର୍ଯ୍ୟାଳୟ
୮	ନାମାଙ୍କନ ପ୍ରତ୍ୟାହାର	୩୦.୦୩.୨୦୧୫	ପୂର୍ବାହ୍ନ ୧୧ରୁ ଅପରାହ୍ନ ୨	ବ୍ୟାଙ୍କର ମୁଖ୍ୟ କାର୍ଯ୍ୟାଳୟ
୯	ଚୂଡାନ୍ତ ପ୍ରାର୍ଥୀ ତାଲିକା ଓ ପ୍ରତୀକ ବଣ୍ଟନ	୩୦.୦୩.୨୦୧୫	ଅପରାହ୍ନ ୪.୦୦ ଘଟିକା	ବ୍ୟାଙ୍କର ମୁଖ୍ୟ କାର୍ଯ୍ୟାଳୟ
୧୦	ମତଦାନ (ଆବଶ୍ୟକ ସ୍ଥଳେ)	୧୧.୦୪.୨୦୧୫	ପୂର୍ବାହ୍ନ ୮ରୁ ଅପରାହ୍ନ ୨	ନିର୍ଦ୍ଧାରିତ ମତଦାନ କେନ୍ଦ୍ର
୧୧	ଭୋଟ ଗଣନା ଓ ଫଳାଫଳ ଘୋଷଣା	୧୧.୦୪.୨୦୧୫	ଅପରାହ୍ନ ୩.୦୦ ପରେ	ବ୍ୟାଙ୍କର ମୁଖ୍ୟ କାର୍ଯ୍ୟାଳୟ
୧୨	ସଭାପତି ଓ ଉପସଭାପତି ନିର୍ବାଚନ	୧୩.୦୪.୨୦୧୫	ପୂର୍ବାହ୍ନ ୧୧.୦୦ ଘଟିକା	ବ୍ୟାଙ୍କର ମୁଖ୍ୟ କାର୍ଯ୍ୟାଳୟ
୧୩	ଅନ୍ୟାନ୍ୟ ପ୍ରତିନିଧି ନିର୍ବାଚନ	୧୩.୦୪.୨୦୧୫	ଅପରାହ୍ନ ୨.୦୦ ଘଟିକା	ବ୍ୟାଙ୍କର ମୁଖ୍ୟ କାର୍ଯ୍ୟାଳୟ
୧୪	ନିର୍ବାଚନ ପ୍ରକ୍ରିୟା ସମାପ୍ତି	୧୩.୦୪.୨୦୧୫	ଅପରାହ୍ନ ୫.୦୦ ଘଟିକା	ବ୍ୟାଙ୍କର ମୁଖ୍ୟ କାର୍ଯ୍ୟାଳୟ
ଭୋଟଦାନ କେନ୍ଦ୍ରମାନଙ୍କର ବିବରଣୀ
କ୍ର.ସଂ	ନିର୍ବାଚନ ମଣ୍ଡଳୀ ସଂଖ୍ୟା	କେନ୍ଦ୍ରର ନାମ	ଟିପ୍ପଣୀ
୧	୧ ରୁ ୮ ପର୍ଯ୍ୟନ୍ତ	ଦି ବ୍ରହ୍ମପୁର କୋ-ଅପରେଟିଭ ସେଣ୍ଟ୍ରାଲ ବ୍ୟାଙ୍କ ଲି., ବ୍ରହ୍ମପୁର ମୁଖ୍ୟ କାର୍ଯ୍ୟାଳୟ	ଅଫିସ୍ କାର୍ଯ୍ୟାଳୟ
୨	୯ ରୁ ୧୫ ପର୍ଯ୍ୟନ୍ତ	ଦି ବ୍ରହ୍ମପୁର କୋ-ଅପରେଟିଭ ସେଣ୍ଟ୍ରାଲ ବ୍ୟାଙ୍କ ଲି., ଆସ୍କା ଶାଖା କାର୍ଯ୍ୟାଳୟ	ଶାଖା କାର୍ଯ୍ୟାଳୟ
ନିର୍ବାଚନ ମଣ୍ଡଳୀ
କ୍ର.ସଂ	ନିର୍ବାଚନ ମଣ୍ଡଳୀ ସଂଖ୍ୟା	ଅଞ୍ଚଳ ବିବରଣୀ	ସଂରକ୍ଷଣ
୧	୧	ଗଞ୍ଜାମ ଉତ୍ତର ପ୍ରାଥମିକ କୃଷି ସମବାୟ ସମିତି	ସାଧାରଣ
୨	୨	ଗଞ୍ଜାମ ଦକ୍ଷିଣ ପ୍ରାଥମିକ କୃଷି ସମବାୟ ସମିତି	ମହିଳା
୩	୩	ଛତ୍ରପୁର ଉପଖଣ୍ଡ ସମବାୟ ସମିତି	ସାଧାରଣ
୪	୪	ବ୍ରହ୍ମପୁର ଉପଖଣ୍ଡ ସମବାୟ ସମିତି	ଅନୁସୂଚିତ ଜାତି
୫	୫	ଭଞ୍ଜନଗର ଉପଖଣ୍ଡ ସମବାୟ ସମିତି	ସାଧାରଣ
୬	୬	ଆସ୍କା ବ୍ଲକ ସମବାୟ ସମିତି	ମହିଳା
୭	୭	କବିସୂର୍ଯ୍ୟନଗର ବ୍ଲକ ସମବାୟ ସମିତି	ସାଧାରଣ
୮	୮	ହିଞ୍ଜିଳିକାଟୁ ବ୍ଲକ ସମବାୟ ସମିତି	ଅନୁସୂଚିତ ଜନଜାତି
୯	୯	ଦିଗପହଣ୍ଡି ବ୍ଲକ ସମବାୟ ସମିତି	ସାଧାରଣ
୧୦	୧୦	ପାତ୍ରପୁର ବ୍ଲକ ସମବାୟ ସମିତି	ମହିଳା
୧୧	୧୧	ସୋରଡା ବ୍ଲକ ସମବାୟ ସମିତି	ସାଧାରଣ
୧୨	୧୨	ପୋଲସରା ବ୍ଲକ ସମବାୟ ସମିତି	ସାଧାରଣ
୧୩	୧୩	ଖଲ୍ଲିକୋଟ ବ୍ଲକ ସମବାୟ ସମିତି	ମହିଳା
୧୪	୧୪	ରଙ୍ଗେଇଲୁଣ୍ଡା ବ୍ଲକ ସମବାୟ ସମିତି	ସାଧାରଣ
୧୫	୧୫	ଅନ୍ୟାନ୍ୟ ସମବାୟ ସମିତି	ସାଧାରଣ
ବିଶେଷ ଦ୍ରଷ୍ଟବ୍ୟ:
୧. ନାମାଙ୍କନ ପତ୍ର ନିର୍ବାଚନ ଅଧିକାରୀଙ୍କ କାର୍ଯ୍ୟାଳୟରୁ ନିର୍ଦ୍ଧାରିତ ଶୁଳ୍କ ପ୍ରଦାନ କରି ସଂଗ୍ରହ କରାଯାଇପାରିବ । ୨. ପ୍ରତ୍ୟେକ ପ୍ରାର୍ଥୀ ନାମାଙ୍କନ ପତ୍ର ସହିତ ନିର୍ଦ୍ଧାରିତ ଜମା ରାଶି ଦାଖଲ କରିବେ । ୩. ନିର୍ବାଚନ ସମ୍ବନ୍ଧୀୟ ସମସ୍ତ ସୂଚନା ବ୍ୟାଙ୍କର ନୋଟିସ ବୋର୍ଡରେ ପ୍ରକାଶିତ ହେବ । ୪. ଆବଶ୍ୟକ ସ୍ଥଳେ ନିର୍ବାଚନ କାର୍ଯ୍ୟସୂଚୀରେ ପରିବର୍ତ୍ତନ କରିବାର ଅଧିକାର ନିର୍ବାଚନ ଅଧିକାରୀଙ୍କର ରହିଛି ।
ନିର୍ବାଚନ ଅଧିକାରୀ
ଦି ବ୍ରହ୍ମପୁର କୋ-ଅପରେଟିଭ ସେଣ୍ଟ୍ରାଲ ବ୍ୟାଙ୍କ ଲି., ବ୍ରହ୍ମପୁର
